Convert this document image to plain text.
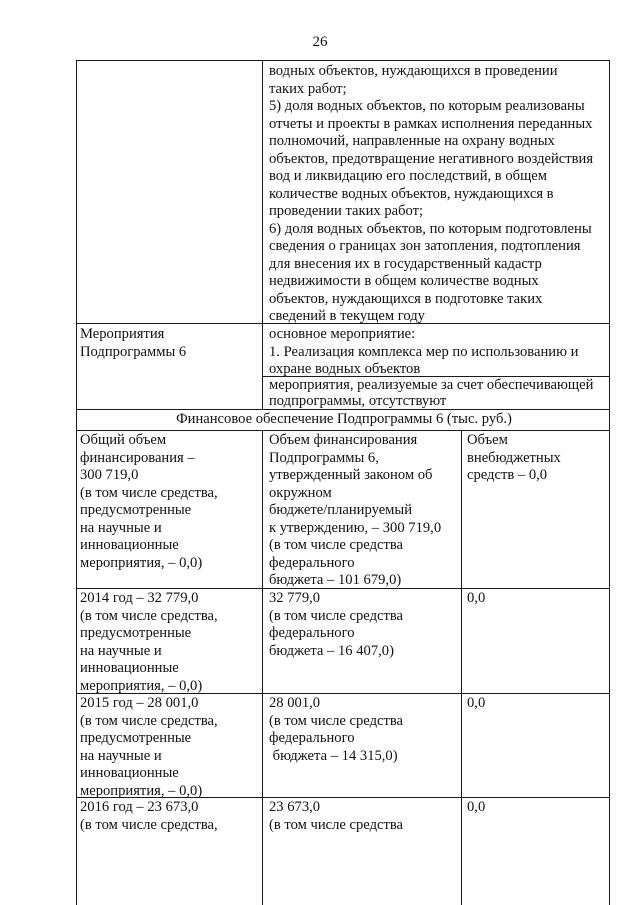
26
водных объектов, нуждающихся в проведении
таких работ;
5) доля водных объектов, по которым реализованы
отчеты и проекты в рамках исполнения переданных
полномочий, направленные на охрану водных
объектов, предотвращение негативного воздействия
вод и ликвидацию его последствий, в общем
количестве водных объектов, нуждающихся в
проведении таких работ;
6) доля водных объектов, по которым подготовлены
сведения о границах зон затопления, подтопления
для внесения их в государственный кадастр
недвижимости в общем количестве водных
объектов, нуждающихся в подготовке таких
сведений в текущем году
Мероприятия
Подпрограммы 6
основное мероприятие:
1. Реализация комплекса мер по использованию и
охране водных объектов
мероприятия, реализуемые за счет обеспечивающей
подпрограммы, отсутствуют
Финансовое обеспечение Подпрограммы 6 (тыс. руб.)
Общий объем
финансирования –
300 719,0
(в том числе средства,
предусмотренные
на научные и
инновационные
мероприятия, – 0,0)
Объем финансирования
Подпрограммы 6,
утвержденный законом об
окружном
бюджете/планируемый
к утверждению, – 300 719,0
(в том числе средства
федерального
бюджета – 101 679,0)
Объем
внебюджетных
средств – 0,0
2014 год – 32 779,0
(в том числе средства,
предусмотренные
на научные и
инновационные
мероприятия, – 0,0)
32 779,0
(в том числе средства
федерального
бюджета – 16 407,0)
0,0
2015 год – 28 001,0
(в том числе средства,
предусмотренные
на научные и
инновационные
мероприятия, – 0,0)
28 001,0
(в том числе средства
федерального
бюджета – 14 315,0)
0,0
2016 год – 23 673,0
(в том числе средства,
23 673,0
(в том числе средства
0,0
